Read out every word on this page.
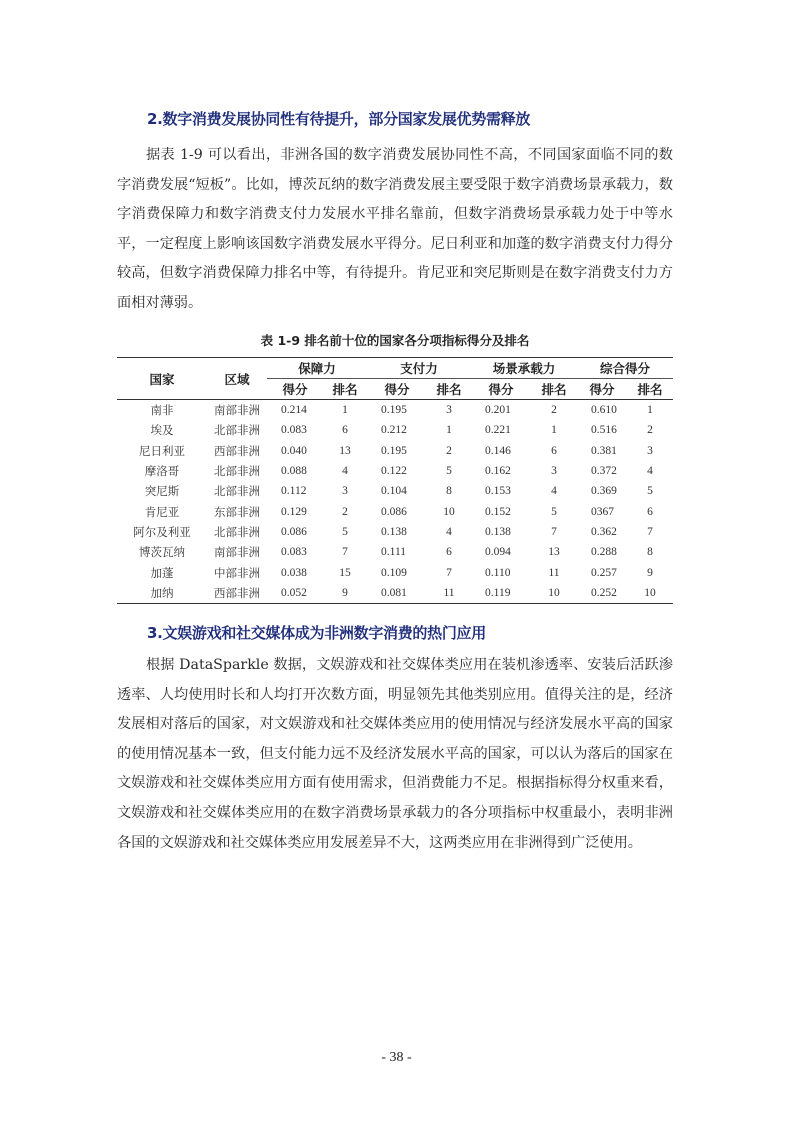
2.数字消费发展协同性有待提升，部分国家发展优势需释放

据表 1-9 可以看出，非洲各国的数字消费发展协同性不高，不同国家面临不同的数字消费发展“短板”。比如，博茨瓦纳的数字消费发展主要受限于数字消费场景承载力，数字消费保障力和数字消费支付力发展水平排名靠前，但数字消费场景承载力处于中等水平，一定程度上影响该国数字消费发展水平得分。尼日利亚和加蓬的数字消费支付力得分较高，但数字消费保障力排名中等，有待提升。肯尼亚和突尼斯则是在数字消费支付力方面相对薄弱。

表 1-9 排名前十位的国家各分项指标得分及排名
国家	区域	保障力		支付力		场景承载力		综合得分	
		得分	排名	得分	排名	得分	排名	得分	排名
南非	南部非洲	0.214	1	0.195	3	0.201	2	0.610	1
埃及	北部非洲	0.083	6	0.212	1	0.221	1	0.516	2
尼日利亚	西部非洲	0.040	13	0.195	2	0.146	6	0.381	3
摩洛哥	北部非洲	0.088	4	0.122	5	0.162	3	0.372	4
突尼斯	北部非洲	0.112	3	0.104	8	0.153	4	0.369	5
肯尼亚	东部非洲	0.129	2	0.086	10	0.152	5	0367	6
阿尔及利亚	北部非洲	0.086	5	0.138	4	0.138	7	0.362	7
博茨瓦纳	南部非洲	0.083	7	0.111	6	0.094	13	0.288	8
加蓬	中部非洲	0.038	15	0.109	7	0.110	11	0.257	9
加纳	西部非洲	0.052	9	0.081	11	0.119	10	0.252	10
3.文娱游戏和社交媒体成为非洲数字消费的热门应用

根据 DataSparkle 数据，文娱游戏和社交媒体类应用在装机渗透率、安装后活跃渗透率、人均使用时长和人均打开次数方面，明显领先其他类别应用。值得关注的是，经济发展相对落后的国家，对文娱游戏和社交媒体类应用的使用情况与经济发展水平高的国家的使用情况基本一致，但支付能力远不及经济发展水平高的国家，可以认为落后的国家在文娱游戏和社交媒体类应用方面有使用需求，但消费能力不足。根据指标得分权重来看，文娱游戏和社交媒体类应用的在数字消费场景承载力的各分项指标中权重最小，表明非洲各国的文娱游戏和社交媒体类应用发展差异不大，这两类应用在非洲得到广泛使用。

- 38 -
